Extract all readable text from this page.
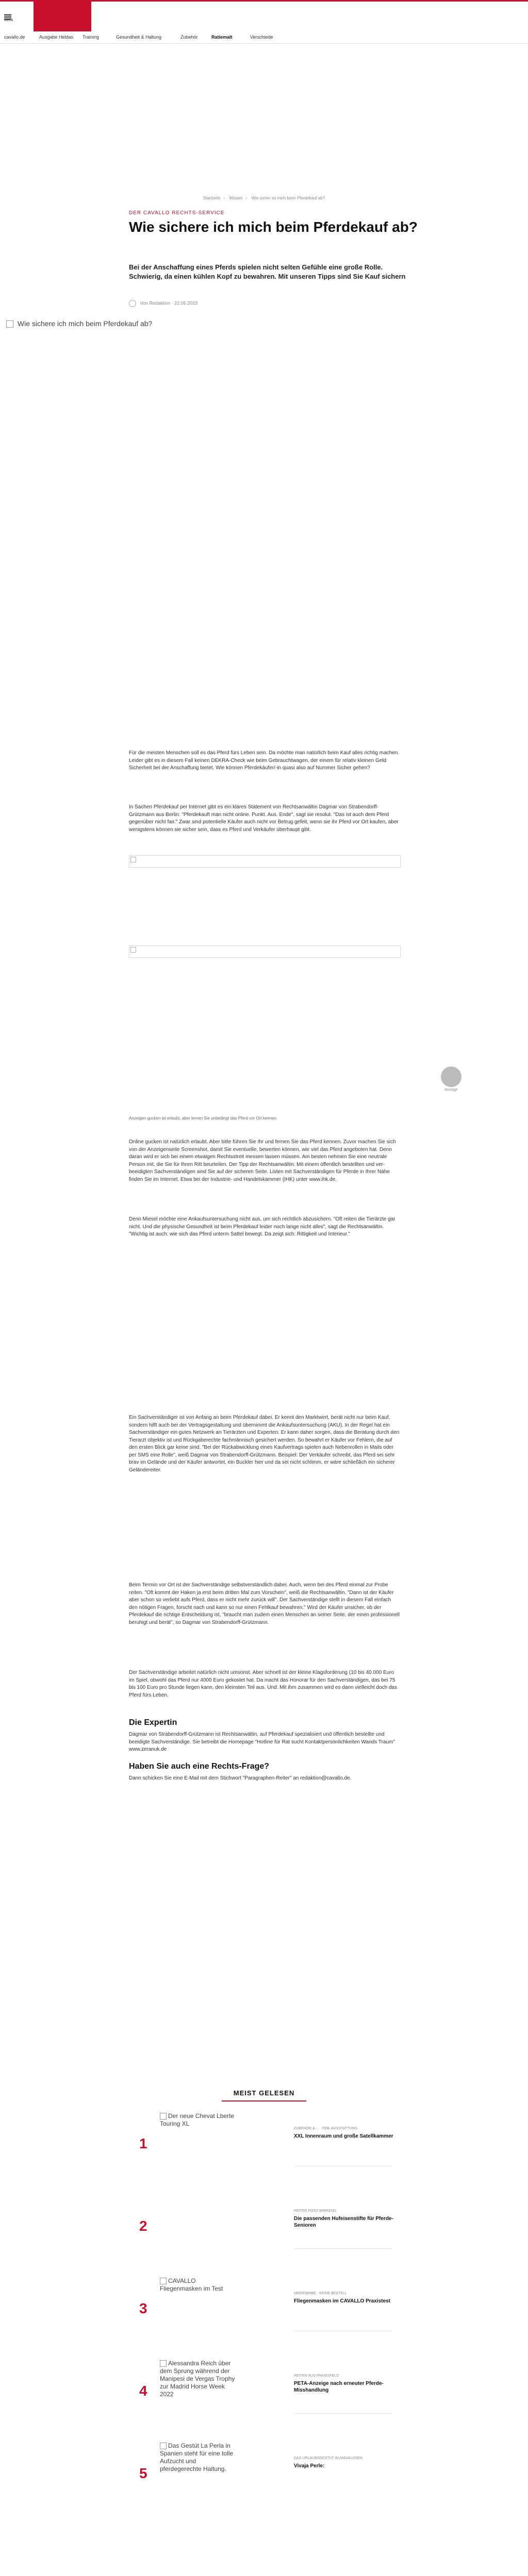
Menü
cavallo.de	Ausgabe Heldas Training	Gesundheit & Haltung	Zubehör	Ratiemalt	Verschiede
Startseite › Wissen › Wie sicher ist mich beim Pferdekauf ab?
DER CAVALLO RECHTS-SERVICE
Wie sichere ich mich beim Pferdekauf ab?

Bei der Anschaffung eines Pferds spielen nicht selten Gefühle eine große Rolle. Schwierig, da einen kühlen Kopf zu bewahren. Mit unseren Tipps sind Sie Kauf sichern

Von Redaktion · 22.05.2023
Wie sichere ich mich beim Pferdekauf ab?

Für die meisten Menschen soll es das Pferd fürs Leben sein. Da möchte man natürlich beim Kauf alles richtig machen. Leider gibt es in diesem Fall keinen DEKRA-Check wie beim Gebrauchtwagen, der einem für relativ kleinen Geld Sicherheit bei der Anschaffung bietet. Wie können Pferdekäufer/-in quasi also auf Nummer Sicher gehen?

In Sachen Pferdekauf per Internet gibt es ein klares Statement von Rechtsanwältin Dagmar von Strabendorff-Grützmann aus Berlin: "Pferdekauft man nicht online. Punkt. Aus. Ende", sagt sie resolut. "Das ist auch dem Pferd gegenüber nicht fair." Zwar sind potentielle Käufer auch nicht vor Betrug gefeit, wenn sie ihr Pferd vor Ort kaufen, aber wenigstens können sie sicher sein, dass es Pferd und Verkäufer überhaupt gibt.

Anzeige
Anzeigen gucken ist erlaubt, aber lernen Sie unbedingt das Pferd vor Ort kennen.

Online gucken ist natürlich erlaubt. Aber bitte führen Sie Ihr und fernen Sie das Pferd kennen. Zuvor machen Sie sich von der Anzeigenseite Screenshot, damit Sie eventuelle, bewerten können, wie viel das Pferd angeboten hat. Denn daran wird er sich bei einem etwaigen Rechtsstreit messen lassen müssen. Am besten nehmen Sie eine neutrale Person mit, die Sie für Ihren Ritt beurteilen. Der Tipp der Rechtsanwältin: Mit einem öffentlich bestellten und ver- beeidigten Sachverständigen sind Sie auf der sicheren Seite. Listen mit Sachverständigen für Pferde in Ihrer Nähe finden Sie im Internet. Etwa bei der Industrie- und Handelskammer (IHK) unter www.ihk.de.

Denn Miesel möchte eine Ankaufsuntersuchung nicht aus, um sich rechtlich abzusichern. "Oft reiten die Tierärzte gar nicht. Und die physische Gesundheit ist beim Pferdekauf leider noch lange nicht alles", sagt die Rechtsanwältin. "Wichtig ist auch: wie sich das Pferd unterm Sattel bewegt. Da zeigt sich: Rittigkeit und Interieur."

Ein Sachverständiger ist von Anfang an beim Pferdekauf dabei. Er kennt den Marktwert, berät nicht nur beim Kauf, sondern hilft auch bei der Vertragsgestaltung und übernimmt die Ankaufsuntersuchung (AKU). In der Regel hat ein Sachverständiger ein gutes Netzwerk an Tierärzten und Experten. Er kann daher sorgen, dass die Beratung durch den Tierarzt objektiv ist und Rückgaberechte fachmännisch gesichert werden. So bewahrt er Käufer vor Fehlern, die auf den ersten Blick gar keine sind: "Bei der Rückabwicklung eines Kaufvertrags spielen auch Nebenrollen in Mails oder per SMS eine Rolle", weiß Dagmar von Strabendorff-Grützmann. Beispiel: Der Verkäufer schreibt, das Pferd sei sehr brav im Gelände und der Käufer antwortet, ein Buckler hier und da sei nicht schlimm, er wäre schließlich ein sicherer Geländereiter.

Beim Termin vor Ort ist der Sachverständige selbstverständlich dabei. Auch, wenn bei des Pferd einmal zur Probe reiten. "Oft kommt der Haken ja erst beim dritten Mal zum Vorschein", weiß die Rechtsanwältin. "Dann ist der Käufer aber schon so verliebt aufs Pferd, dass er nicht mehr zurück will". Der Sachverständige stellt in diesem Fall einfach den nötigen Fragen, forscht nach und kann so nur einen Fehlkauf bewahren." Wird der Käufer unsicher, ob der Pferdekauf die richtige Entscheidung ist, "braucht man zudem einen Menschen an seiner Seite, der einen professionell beruhigt und berät", so Dagmar von Strabendorff-Grützmann.

Der Sachverständige arbeitet natürlich nicht umsonst. Aber schnell ist der kleine Klagsforderung (10 bis 40.000 Euro im Spiel, obwohl das Pferd nur 4000 Euro gekostet hat. Da macht das Honorar für den Sachverständigen, das bei 75 bis 100 Euro pro Stunde liegen kann, den kleinsten Teil aus. Und: Mit ihm zusammen wird es dann vielleicht doch das Pferd fürs Leben.

Die Expertin

Dagmar von Strabendorff-Grützmann ist Rechtsanwältin, auf Pferdekauf spezialisiert und öffentlich bestellte und beeidigte Sachverständige. Sie betreibt die Homepage "Hotline für Rat sucht Kontaktpersönlichkeiten Wands Traum" www.zeranuk.de

Haben Sie auch eine Rechts-Frage?

Dann schicken Sie eine E-Mail mit dem Stichwort "Paragraphen-Reiter" an redaktion@cavallo.de.

MEIST GELESEN
1
Der neue Chevat Lberte Touring XL
ZUBEHÖR & ... · FEB. AUSSTATTUNG
XXL Innenraum und große Satellkammer
2
REITER FOTO WIRKEND
Die passenden Hufeisenstifte für Pferde-Senioren
3
CAVALLO Fliegenmasken im Test
NEIDENHIBE · KEINE BESTELL
Fliegenmasken im CAVALLO Praxistest
4
Alessandra Reich über dem Sprung während der Manipesi de Vergas Trophy zur Madrid Horse Week 2022
REITEN AUS PRAXISFELD
PETA-Anzeige nach erneuter Pferde-Misshandlung
5
Das Gestüt La Perla in Spanien steht für eine tolle Aufzucht und pferdegerechte Haltung.
DAS URLAUBSGESTÜT IN ANDALUSIEN
Vivaja Perle:
